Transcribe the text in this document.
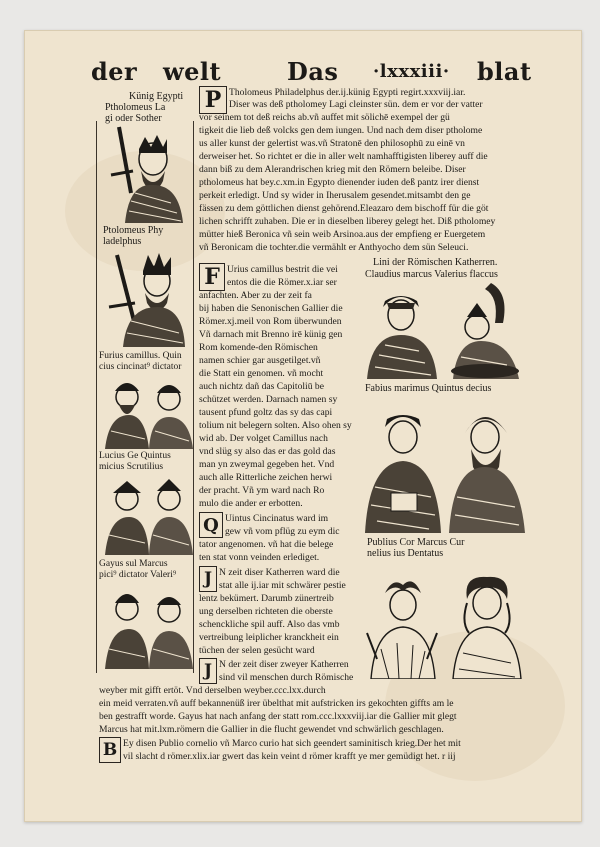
der welt	Das ·lxxxiii· blat
Künig Egypti
Ptholomeus La
gi oder Sother
Ptolomeus Phy
ladelphus
Furius camillus. Quin
cius cincinat⁹ dictator
Lucius Ge Quintus
micius Scrutilius
Gayus sul Marcus
pici⁹ dictator Valeri⁹
P Tholomeus Philadelphus der.ij.künig Egypti regirt.xxxviij.iar.
Diser was deß ptholomey Lagi cleinster sün. dem er vor der vatter
vor seinem tot deß reichs ab.vñ auffet mit sölichē exempel der gü
tigkeit die lieb deß volcks gen dem iungen. Und nach dem diser ptholome
us aller kunst der gelertist was.vñ Stratonē den philosophū zu einē vn
derweiser het. So richtet er die in aller welt namhafftigisten liberey auff die
dann biß zu dem Alerandrischen krieg mit den Römern beleibe. Diser
ptholomeus hat bey.c.xm.in Egypto dienender iuden deß pantz irer dienst
perkeit erledigt. Und sy wider in Iherusalem gesendet.mitsambt den ge
fässen zu dem göttlichen dienst gehörend.Eleazaro dem bischoff für die göt
lichen schrifft zuhaben. Die er in dieselben liberey gelegt het. Diß ptholomey
mütter hieß Beronica vñ sein weib Arsinoa.aus der empfieng er Euergetem
vñ Beronicam die tochter.die vermählt er Anthyocho dem sün Seleuci.
F Urius camillus bestrit die vei
entos die die Römer.x.iar ser
anfachten. Aber zu der zeit fa
bij haben die Senonischen Gallier die
Römer.xj.meil von Rom überwunden
Vñ darnach mit Brenno irē künig gen
Rom komende-den Römischen
namen schier gar ausgetilget.vñ
die Statt ein genomen. vñ mocht
auch nichtz dañ das Capitoliū be
schützet werden. Darnach namen sy
tausent pfund goltz das sy das capi
tolium nit belegern solten. Also ohen sy
wid ab. Der volget Camillus nach
vnd slüg sy also das er das gold das
man yn zweymal gegeben het. Vnd
auch alle Ritterliche zeichen herwi
der pracht. Vñ ym ward nach Ro
mulo die ander er erbotten.
Q Uintus Cincinatus ward im
gew vñ vom pflüg zu eym dic
tator angenomen. vñ hat die belege
ten stat vonn veinden erlediget.
J N zeit diser Katherren ward die
stat alle ij.iar mit schwärer pestie
lentz bekümert. Darumb zünertreib
ung derselben richteten die oberste
schenckliche spil auff. Also das vmb
vertreibung leiplicher kranckheit ein
tüchen der selen gesücht ward
J N der zeit diser zweyer Katherren
sind vil menschen durch Römische
Lini der Römischen Katherren.
Claudius marcus Valerius flaccus
Fabius marimus Quintus decius
Publius Cor Marcus Cur
nelius ius Dentatus
weyber mit gifft ertöt. Vnd derselben weyber.ccc.lxx.durch
ein meid verraten.vñ auff bekannenüß irer übelthat mit aufstricken irs gekochten giffts am le
ben gestrafft worde. Gayus hat nach anfang der statt rom.ccc.lxxxviij.iar die Gallier mit glegt
Marcus hat mit.lxm.römern die Gallier in die flucht gewendet vnd schwärlich geschlagen.
B Ey disen Publio cornelio vñ Marco curio hat sich geendert saminitisch krieg.Der het mit
vil slacht d römer.xlix.iar gwert das kein veint d römer krafft ye mer gemüdigt het. r iij
